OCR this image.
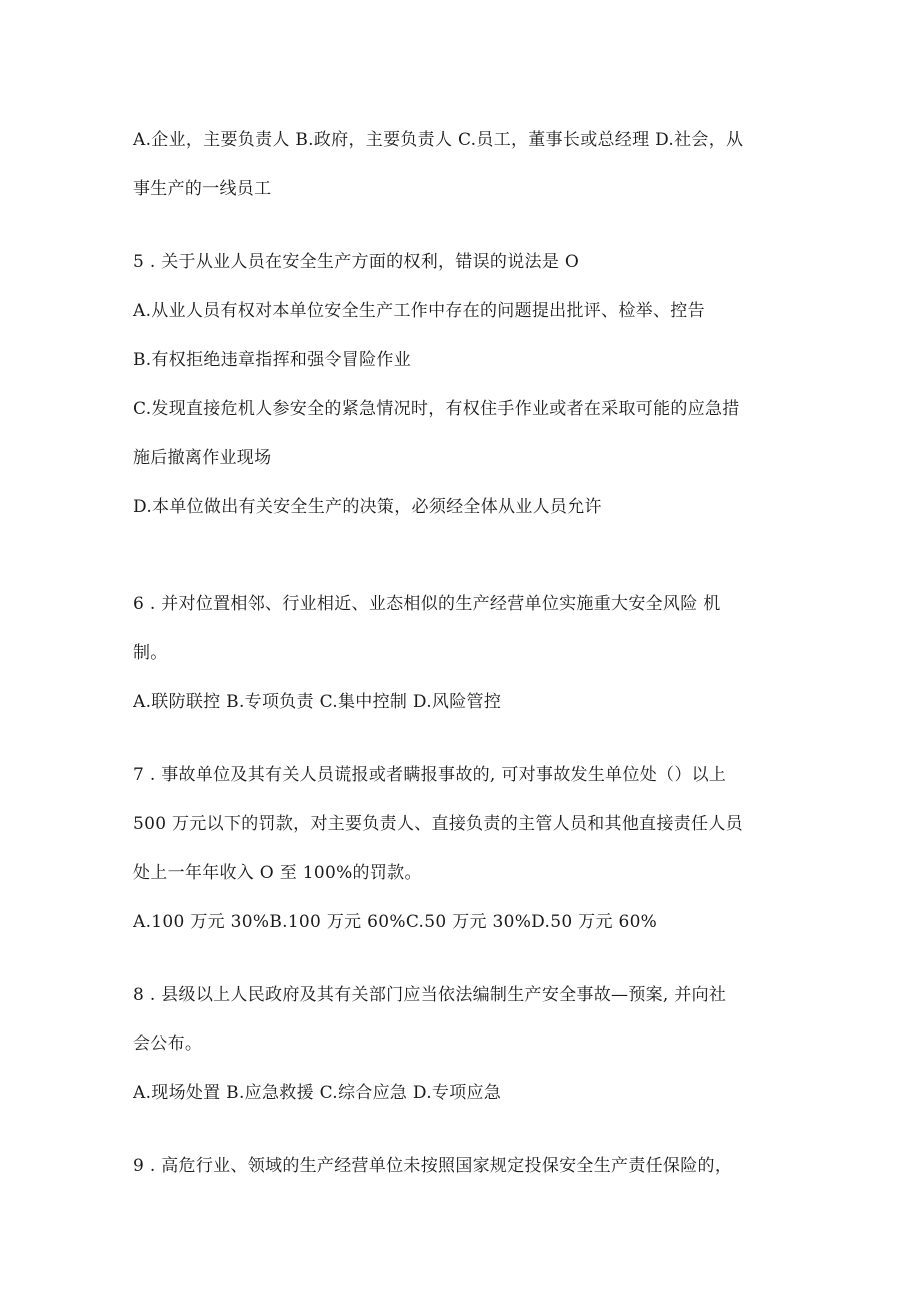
A.企业，主要负责人 B.政府，主要负责人 C.员工，董事长或总经理 D.社会，从
事生产的一线员工
5 . 关于从业人员在安全生产方面的权利，错误的说法是 O
A.从业人员有权对本单位安全生产工作中存在的问题提出批评、检举、控告
B.有权拒绝违章指挥和强令冒险作业
C.发现直接危机人参安全的紧急情况时，有权住手作业或者在采取可能的应急措
施后撤离作业现场
D.本单位做出有关安全生产的决策，必须经全体从业人员允许
6 . 并对位置相邻、行业相近、业态相似的生产经营单位实施重大安全风险 机
制。
A.联防联控 B.专项负责 C.集中控制 D.风险管控
7 . 事故单位及其有关人员谎报或者瞒报事故的, 可对事故发生单位处（）以上
500 万元以下的罚款，对主要负责人、直接负责的主管人员和其他直接责任人员
处上一年年收入 O 至 100%的罚款。
A.100 万元 30%B.100 万元 60%C.50 万元 30%D.50 万元 60%
8 . 县级以上人民政府及其有关部门应当依法编制生产安全事故—预案, 并向社
会公布。
A.现场处置 B.应急救援 C.综合应急 D.专项应急
9 . 高危行业、领域的生产经营单位未按照国家规定投保安全生产责任保险的，
